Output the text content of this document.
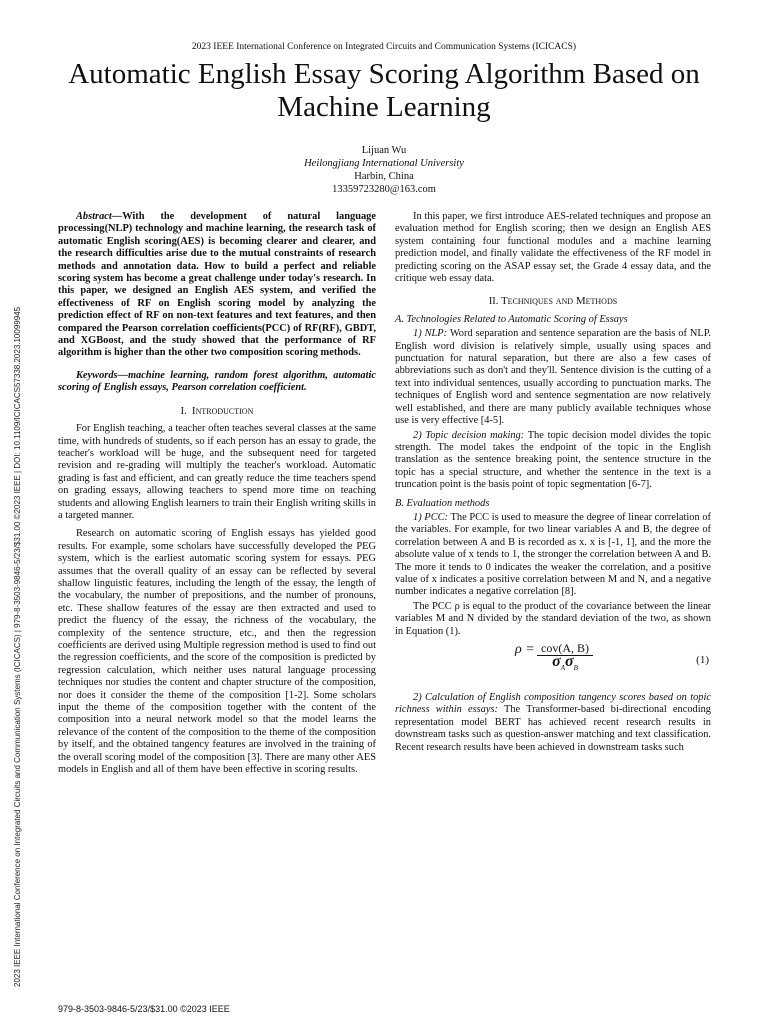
2023 IEEE International Conference on Integrated Circuits and Communication Systems (ICICACS)
Automatic English Essay Scoring Algorithm Based on Machine Learning
Lijuan Wu
Heilongjiang International University
Harbin, China
13359723280@163.com
2023 IEEE International Conference on Integrated Circuits and Communication Systems (ICICACS) | 979-8-3503-9846-5/23/$31.00 ©2023 IEEE | DOI: 10.1109/ICICACS57338.2023.10099945

Abstract—With the development of natural language processing(NLP) technology and machine learning, the research task of automatic English scoring(AES) is becoming clearer and clearer, and the research difficulties arise due to the mutual constraints of research methods and annotation data. How to build a perfect and reliable scoring system has become a great challenge under today's research. In this paper, we designed an English AES system, and verified the effectiveness of RF on English scoring model by analyzing the prediction effect of RF on non-text features and text features, and then compared the Pearson correlation coefficients(PCC) of RF(RF), GBDT, and XGBoost, and the study showed that the performance of RF algorithm is higher than the other two composition scoring methods.

Keywords—machine learning, random forest algorithm, automatic scoring of English essays, Pearson correlation coefficient.

I. Introduction

For English teaching, a teacher often teaches several classes at the same time, with hundreds of students, so if each person has an essay to grade, the teacher's workload will be huge, and the subsequent need for targeted revision and re-grading will multiply the teacher's workload. Automatic grading is fast and efficient, and can greatly reduce the time teachers spend on grading essays, allowing teachers to spend more time on teaching students and allowing English learners to train their English writing skills in a targeted manner.

Research on automatic scoring of English essays has yielded good results. For example, some scholars have successfully developed the PEG system, which is the earliest automatic scoring system for essays. PEG assumes that the overall quality of an essay can be reflected by several shallow linguistic features, including the length of the essay, the length of the vocabulary, the number of prepositions, and the number of pronouns, etc. These shallow features of the essay are then extracted and used to predict the fluency of the essay, the richness of the vocabulary, the complexity of the sentence structure, etc., and then the regression coefficients are derived using Multiple regression method is used to find out the regression coefficients, and the score of the composition is predicted by regression calculation, which neither uses natural language processing techniques nor studies the content and chapter structure of the composition, nor does it consider the theme of the composition [1-2]. Some scholars input the theme of the composition together with the content of the composition into a neural network model so that the model learns the relevance of the content of the composition to the theme of the composition by itself, and the obtained tangency features are involved in the training of the overall scoring model of the composition [3]. There are many other AES models in English and all of them have been effective in scoring results.

In this paper, we first introduce AES-related techniques and propose an evaluation method for English scoring; then we design an English AES system containing four functional modules and a machine learning prediction model, and finally validate the effectiveness of the RF model in predicting scoring on the ASAP essay set, the Grade 4 essay data, and the critique web essay data.

II. Techniques and Methods
A. Technologies Related to Automatic Scoring of Essays

1) NLP: Word separation and sentence separation are the basis of NLP. English word division is relatively simple, usually using spaces and punctuation for natural separation, but there are also a few cases of abbreviations such as don't and they'll. Sentence division is the cutting of a text into individual sentences, usually according to punctuation marks. The techniques of English word and sentence segmentation are now relatively well established, and there are many publicly available techniques whose use is very effective [4-5].

2) Topic decision making: The topic decision model divides the topic strength. The model takes the endpoint of the topic in the English translation as the sentence breaking point, the sentence structure in the topic has a special structure, and whether the sentence in the text is a truncation point is the basis point of topic segmentation [6-7].

B. Evaluation methods

1) PCC: The PCC is used to measure the degree of linear correlation of the variables. For example, for two linear variables A and B, the degree of correlation between A and B is recorded as x. x is [-1, 1], and the more the absolute value of x tends to 1, the stronger the correlation between A and B. The more it tends to 0 indicates the weaker the correlation, and a positive value of x indicates a positive correlation between M and N, and a negative number indicates a negative correlation [8].

The PCC ρ is equal to the product of the covariance between the linear variables M and N divided by the standard deviation of the two, as shown in Equation (1).

ρ = cov(A, B)
$\sigma_A\sigma_B$
(1)

2) Calculation of English composition tangency scores based on topic richness within essays: The Transformer-based bi-directional encoding representation model BERT has achieved recent research results in downstream tasks such as question-answer matching and text classification. Recent research results have been achieved in downstream tasks such

979-8-3503-9846-5/23/$31.00 ©2023 IEEE
